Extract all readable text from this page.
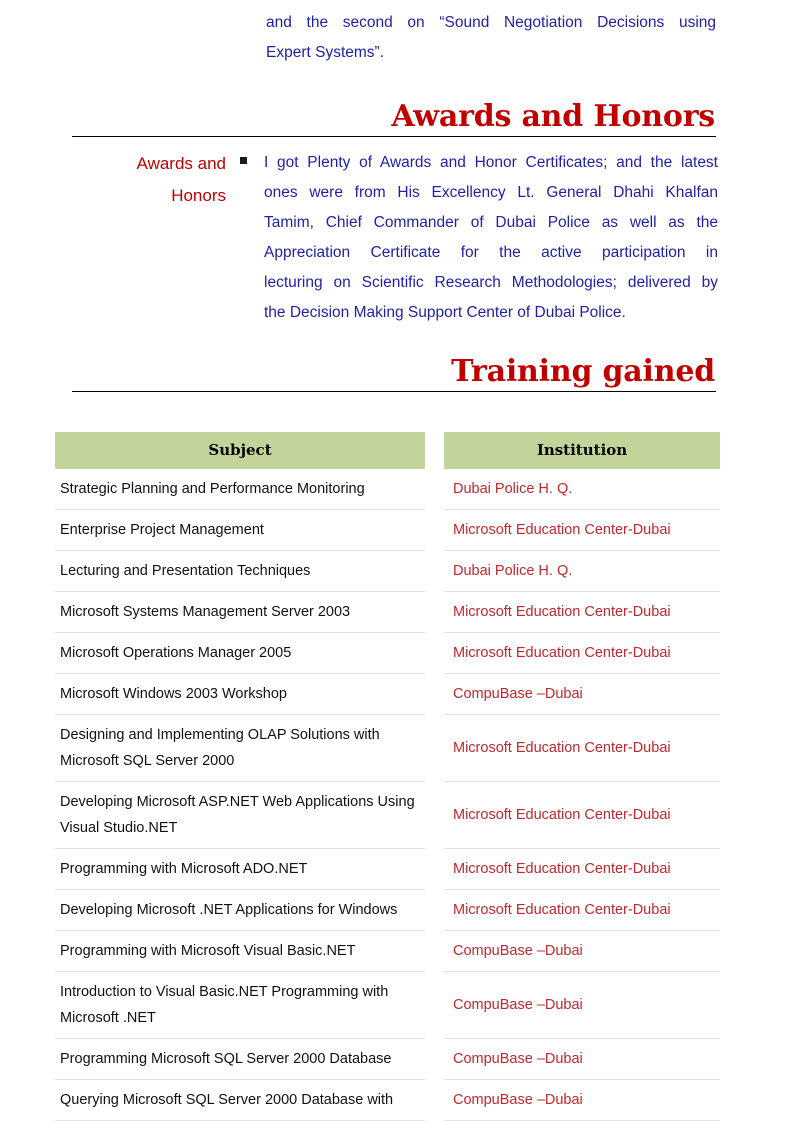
and the second on “Sound Negotiation Decisions using
Expert Systems”.
Awards and Honors
Awards and
Honors

I got Plenty of Awards and Honor Certificates; and the latest
ones were from His Excellency Lt. General Dhahi Khalfan
Tamim, Chief Commander of Dubai Police as well as the
Appreciation Certificate for the active participation in
lecturing on Scientific Research Methodologies; delivered by
the Decision Making Support Center of Dubai Police.

Training gained
Subject		Institution
Strategic Planning and Performance Monitoring		Dubai Police H. Q.
Enterprise Project Management		Microsoft Education Center-Dubai
Lecturing and Presentation Techniques		Dubai Police H. Q.
Microsoft Systems Management Server 2003		Microsoft Education Center-Dubai
Microsoft Operations Manager 2005		Microsoft Education Center-Dubai
Microsoft Windows 2003 Workshop		CompuBase –Dubai
Designing and Implementing OLAP Solutions with Microsoft SQL Server 2000		Microsoft Education Center-Dubai
Developing Microsoft ASP.NET Web Applications Using Visual Studio.NET		Microsoft Education Center-Dubai
Programming with Microsoft ADO.NET		Microsoft Education Center-Dubai
Developing Microsoft .NET Applications for Windows		Microsoft Education Center-Dubai
Programming with Microsoft Visual Basic.NET		CompuBase –Dubai
Introduction to Visual Basic.NET Programming with Microsoft .NET		CompuBase –Dubai
Programming Microsoft SQL Server 2000 Database		CompuBase –Dubai
Querying Microsoft SQL Server 2000 Database with		CompuBase –Dubai
